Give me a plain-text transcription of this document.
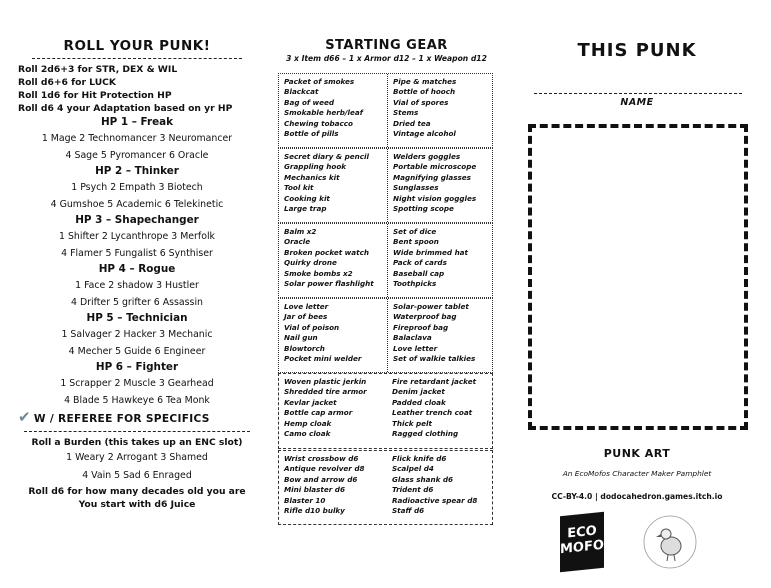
ROLL YOUR PUNK!
Roll 2d6+3 for STR, DEX & WIL
Roll d6+6 for LUCK
Roll 1d6 for Hit Protection HP
Roll d6 4 your Adaptation based on yr HP
HP 1 – Freak
1 Mage 2 Technomancer 3 Neuromancer
4 Sage 5 Pyromancer 6 Oracle
HP 2 – Thinker
1 Psych 2 Empath 3 Biotech
4 Gumshoe 5 Academic 6 Telekinetic
HP 3 – Shapechanger
1 Shifter 2 Lycanthrope 3 Merfolk
4 Flamer 5 Fungalist 6 Synthiser
HP 4 – Rogue
1 Face 2 shadow 3 Hustler
4 Drifter 5 grifter 6 Assassin
HP 5 – Technician
1 Salvager 2 Hacker 3 Mechanic
4 Mecher 5 Guide 6 Engineer
HP 6 – Fighter
1 Scrapper 2 Muscle 3 Gearhead
4 Blade 5 Hawkeye 6 Tea Monk
✔ W / REFEREE FOR SPECIFICS
Roll a Burden (this takes up an ENC slot)
1 Weary 2 Arrogant 3 Shamed
4 Vain 5 Sad 6 Enraged
Roll d6 for how many decades old you are
You start with d6 Juice
STARTING GEAR
3 x Item d66 – 1 x Armor d12 – 1 x Weapon d12
Packet of smokes
Blackcat
Bag of weed
Smokable herb/leaf
Chewing tobacco
Bottle of pills
Pipe & matches
Bottle of hooch
Vial of spores
Stems
Dried tea
Vintage alcohol
Secret diary & pencil
Grappling hook
Mechanics kit
Tool kit
Cooking kit
Large trap
Welders goggles
Portable microscope
Magnifying glasses
Sunglasses
Night vision goggles
Spotting scope
Balm x2
Oracle
Broken pocket watch
Quirky drone
Smoke bombs x2
Solar power flashlight
Set of dice
Bent spoon
Wide brimmed hat
Pack of cards
Baseball cap
Toothpicks
Love letter
Jar of bees
Vial of poison
Nail gun
Blowtorch
Pocket mini welder
Solar-power tablet
Waterproof bag
Fireproof bag
Balaclava
Love letter
Set of walkie talkies
Woven plastic jerkin
Shredded tire armor
Kevlar jacket
Bottle cap armor
Hemp cloak
Camo cloak
Fire retardant jacket
Denim jacket
Padded cloak
Leather trench coat
Thick pelt
Ragged clothing
Wrist crossbow d6
Antique revolver d8
Bow and arrow d6
Mini blaster d6
Blaster 10
Rifle d10 bulky
Flick knife d6
Scalpel d4
Glass shank d6
Trident d6
Radioactive spear d8
Staff d6
THIS PUNK
NAME
PUNK ART
An EcoMofos Character Maker Pamphlet
CC-BY-4.0 | dodocahedron.games.itch.io
ECO
MOFOS
